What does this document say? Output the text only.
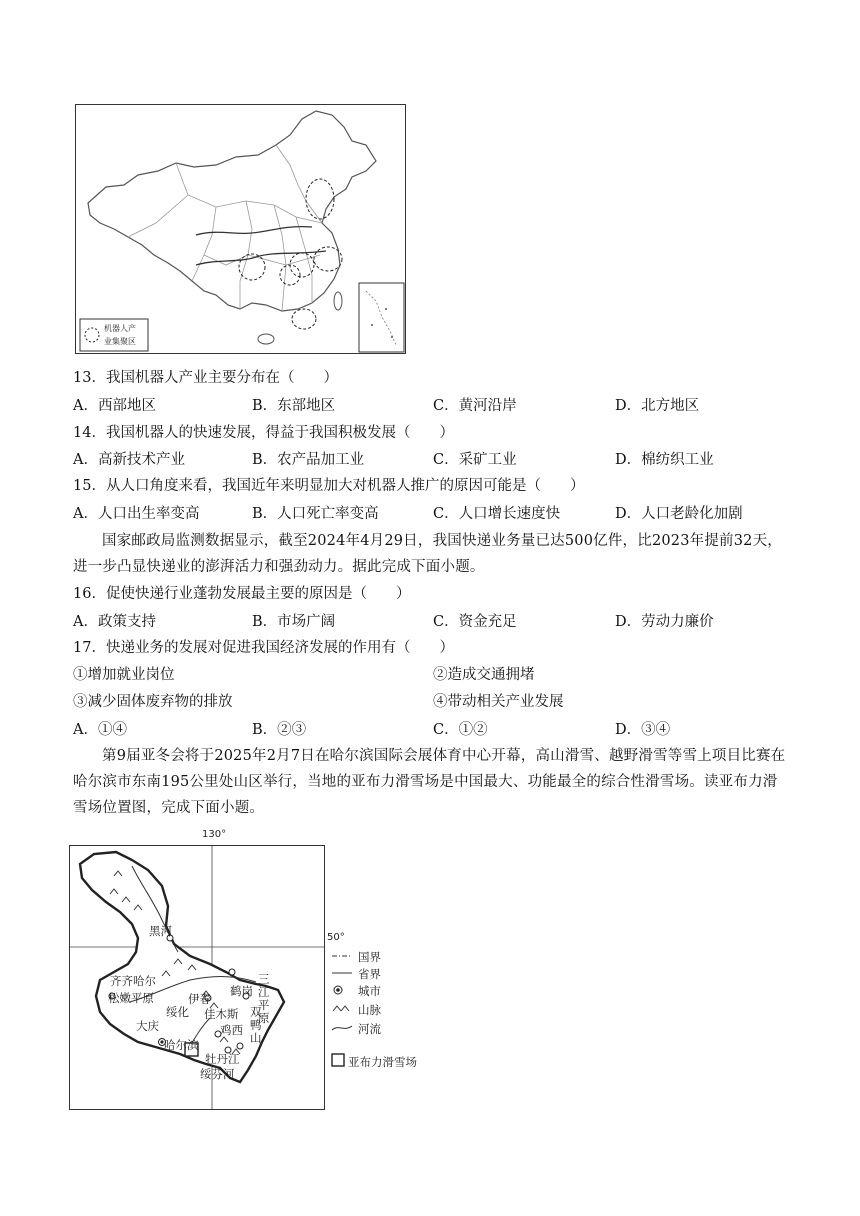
机器人产
业集聚区
13．我国机器人产业主要分布在（　　）
A．西部地区	B．东部地区	C．黄河沿岸	D．北方地区
14．我国机器人的快速发展，得益于我国积极发展（　　）
A．高新技术产业	B．农产品加工业	C．采矿工业	D．棉纺织工业
15．从人口角度来看，我国近年来明显加大对机器人推广的原因可能是（　　）
A．人口出生率变高	B．人口死亡率变高	C．人口增长速度快	D．人口老龄化加剧
国家邮政局监测数据显示，截至2024年4月29日，我国快递业务量已达500亿件，比2023年提前32天，进一步凸显快递业的澎湃活力和强劲动力。据此完成下面小题。
16．促使快递行业蓬勃发展最主要的原因是（　　）
A．政策支持	B．市场广阔	C．资金充足	D．劳动力廉价
17．快递业务的发展对促进我国经济发展的作用有（　　）
①增加就业岗位	②造成交通拥堵
③减少固体废弃物的排放	④带动相关产业发展
A．①④	B．②③	C．①②	D．③④
第9届亚冬会将于2025年2月7日在哈尔滨国际会展体育中心开幕，高山滑雪、越野滑雪等雪上项目比赛在哈尔滨市东南195公里处山区举行，当地的亚布力滑雪场是中国最大、功能最全的综合性滑雪场。读亚布力滑雪场位置图，完成下面小题。
130°
黑河
齐齐哈尔
松嫩平原	伊春
鹤岗
佳木斯
绥化
大庆
哈尔滨
牡丹江
绥芬河
鸡西
三江平原
双鸭山
50°
国界
省界
城市
山脉
河流
亚布力滑雪场
